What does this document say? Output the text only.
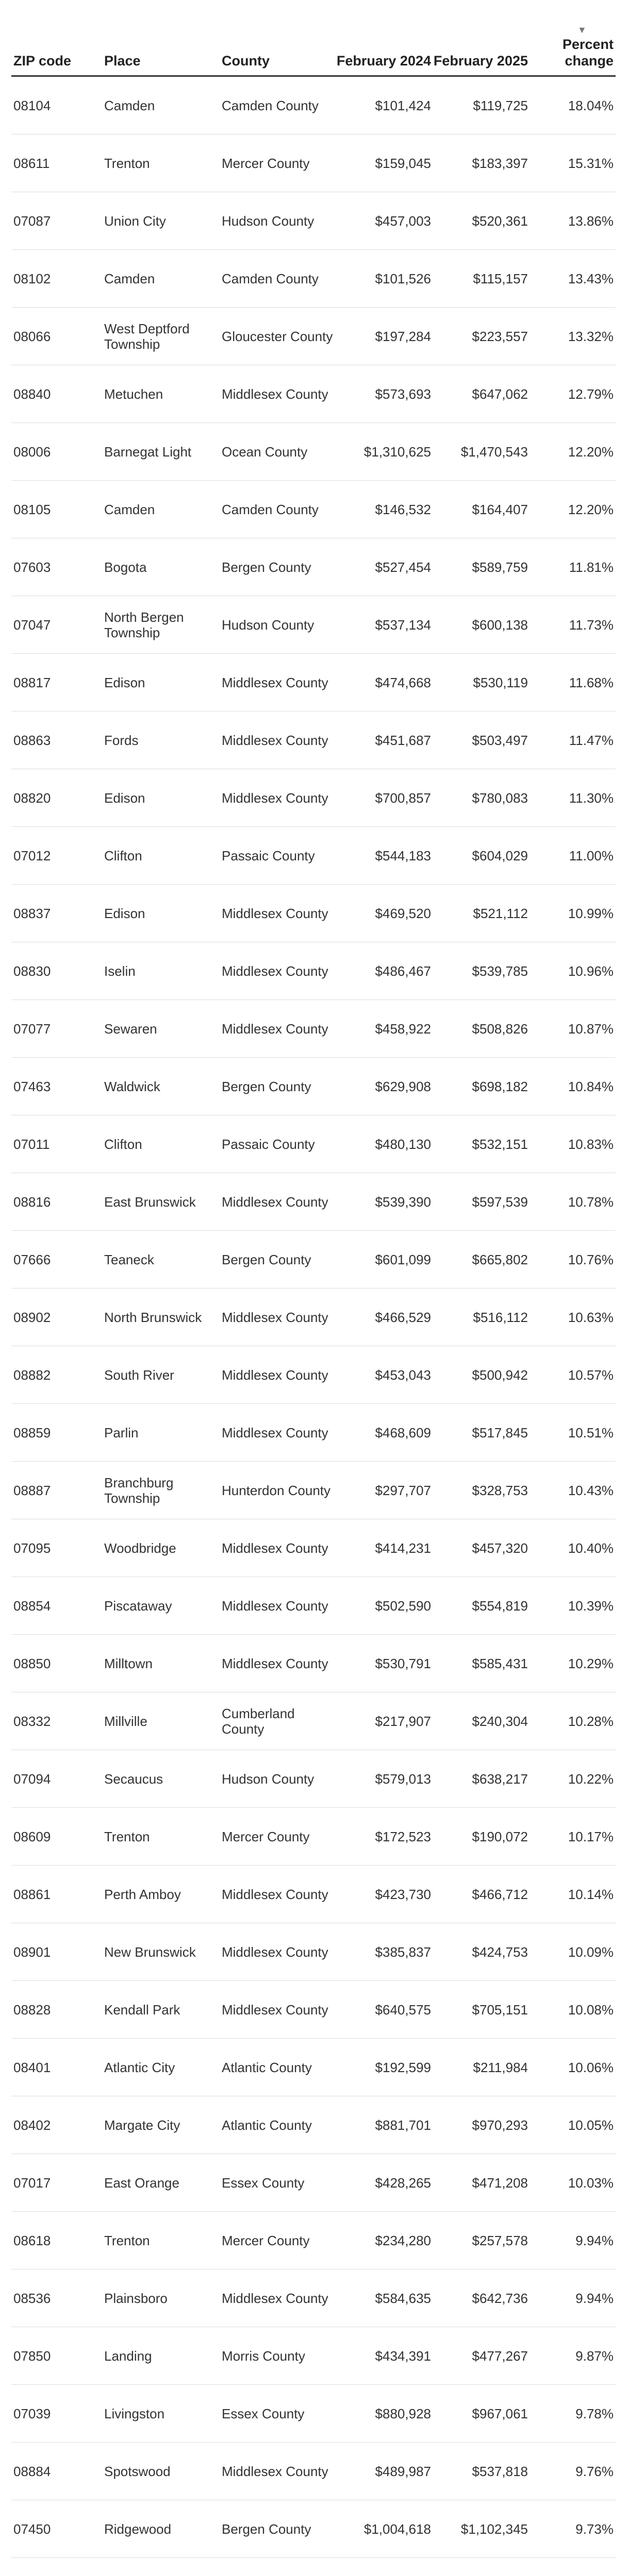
▼
ZIP code	Place	County	February 2024	February 2025	Percent change
08104	Camden	Camden County	$101,424	$119,725	18.04%
08611	Trenton	Mercer County	$159,045	$183,397	15.31%
07087	Union City	Hudson County	$457,003	$520,361	13.86%
08102	Camden	Camden County	$101,526	$115,157	13.43%
08066	West Deptford Township	Gloucester County	$197,284	$223,557	13.32%
08840	Metuchen	Middlesex County	$573,693	$647,062	12.79%
08006	Barnegat Light	Ocean County	$1,310,625	$1,470,543	12.20%
08105	Camden	Camden County	$146,532	$164,407	12.20%
07603	Bogota	Bergen County	$527,454	$589,759	11.81%
07047	North Bergen Township	Hudson County	$537,134	$600,138	11.73%
08817	Edison	Middlesex County	$474,668	$530,119	11.68%
08863	Fords	Middlesex County	$451,687	$503,497	11.47%
08820	Edison	Middlesex County	$700,857	$780,083	11.30%
07012	Clifton	Passaic County	$544,183	$604,029	11.00%
08837	Edison	Middlesex County	$469,520	$521,112	10.99%
08830	Iselin	Middlesex County	$486,467	$539,785	10.96%
07077	Sewaren	Middlesex County	$458,922	$508,826	10.87%
07463	Waldwick	Bergen County	$629,908	$698,182	10.84%
07011	Clifton	Passaic County	$480,130	$532,151	10.83%
08816	East Brunswick	Middlesex County	$539,390	$597,539	10.78%
07666	Teaneck	Bergen County	$601,099	$665,802	10.76%
08902	North Brunswick	Middlesex County	$466,529	$516,112	10.63%
08882	South River	Middlesex County	$453,043	$500,942	10.57%
08859	Parlin	Middlesex County	$468,609	$517,845	10.51%
08887	Branchburg Township	Hunterdon County	$297,707	$328,753	10.43%
07095	Woodbridge	Middlesex County	$414,231	$457,320	10.40%
08854	Piscataway	Middlesex County	$502,590	$554,819	10.39%
08850	Milltown	Middlesex County	$530,791	$585,431	10.29%
08332	Millville	Cumberland County	$217,907	$240,304	10.28%
07094	Secaucus	Hudson County	$579,013	$638,217	10.22%
08609	Trenton	Mercer County	$172,523	$190,072	10.17%
08861	Perth Amboy	Middlesex County	$423,730	$466,712	10.14%
08901	New Brunswick	Middlesex County	$385,837	$424,753	10.09%
08828	Kendall Park	Middlesex County	$640,575	$705,151	10.08%
08401	Atlantic City	Atlantic County	$192,599	$211,984	10.06%
08402	Margate City	Atlantic County	$881,701	$970,293	10.05%
07017	East Orange	Essex County	$428,265	$471,208	10.03%
08618	Trenton	Mercer County	$234,280	$257,578	9.94%
08536	Plainsboro	Middlesex County	$584,635	$642,736	9.94%
07850	Landing	Morris County	$434,391	$477,267	9.87%
07039	Livingston	Essex County	$880,928	$967,061	9.78%
08884	Spotswood	Middlesex County	$489,987	$537,818	9.76%
07450	Ridgewood	Bergen County	$1,004,618	$1,102,345	9.73%
